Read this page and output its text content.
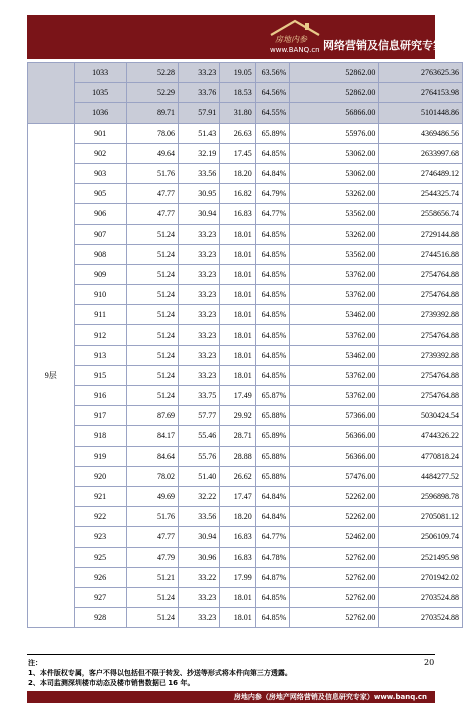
房地内参
www.BANQ.cn 网络营销及信息研究专家
	1033	52.28	33.23	19.05	63.56%	52862.00	2763625.36
	1035	52.29	33.76	18.53	64.56%	52862.00	2764153.98
	1036	89.71	57.91	31.80	64.55%	56866.00	5101448.86
9层	901	78.06	51.43	26.63	65.89%	55976.00	4369486.56
	902	49.64	32.19	17.45	64.85%	53062.00	2633997.68
	903	51.76	33.56	18.20	64.84%	53062.00	2746489.12
	905	47.77	30.95	16.82	64.79%	53262.00	2544325.74
	906	47.77	30.94	16.83	64.77%	53562.00	2558656.74
	907	51.24	33.23	18.01	64.85%	53262.00	2729144.88
	908	51.24	33.23	18.01	64.85%	53562.00	2744516.88
	909	51.24	33.23	18.01	64.85%	53762.00	2754764.88
	910	51.24	33.23	18.01	64.85%	53762.00	2754764.88
	911	51.24	33.23	18.01	64.85%	53462.00	2739392.88
	912	51.24	33.23	18.01	64.85%	53762.00	2754764.88
	913	51.24	33.23	18.01	64.85%	53462.00	2739392.88
	915	51.24	33.23	18.01	64.85%	53762.00	2754764.88
	916	51.24	33.75	17.49	65.87%	53762.00	2754764.88
	917	87.69	57.77	29.92	65.88%	57366.00	5030424.54
	918	84.17	55.46	28.71	65.89%	56366.00	4744326.22
	919	84.64	55.76	28.88	65.88%	56366.00	4770818.24
	920	78.02	51.40	26.62	65.88%	57476.00	4484277.52
	921	49.69	32.22	17.47	64.84%	52262.00	2596898.78
	922	51.76	33.56	18.20	64.84%	52262.00	2705081.12
	923	47.77	30.94	16.83	64.77%	52462.00	2506109.74
	925	47.79	30.96	16.83	64.78%	52762.00	2521495.98
	926	51.21	33.22	17.99	64.87%	52762.00	2701942.02
	927	51.24	33.23	18.01	64.85%	52762.00	2703524.88
	928	51.24	33.23	18.01	64.85%	52762.00	2703524.88
20
注：
1、本件版权专属，客户不得以包括但不限于转发、抄送等形式将本件向第三方透露。
2、本司监测深圳楼市动态及楼市销售数据已 16 年。
房地内参（房地产网络营销及信息研究专家）www.banq.cn
